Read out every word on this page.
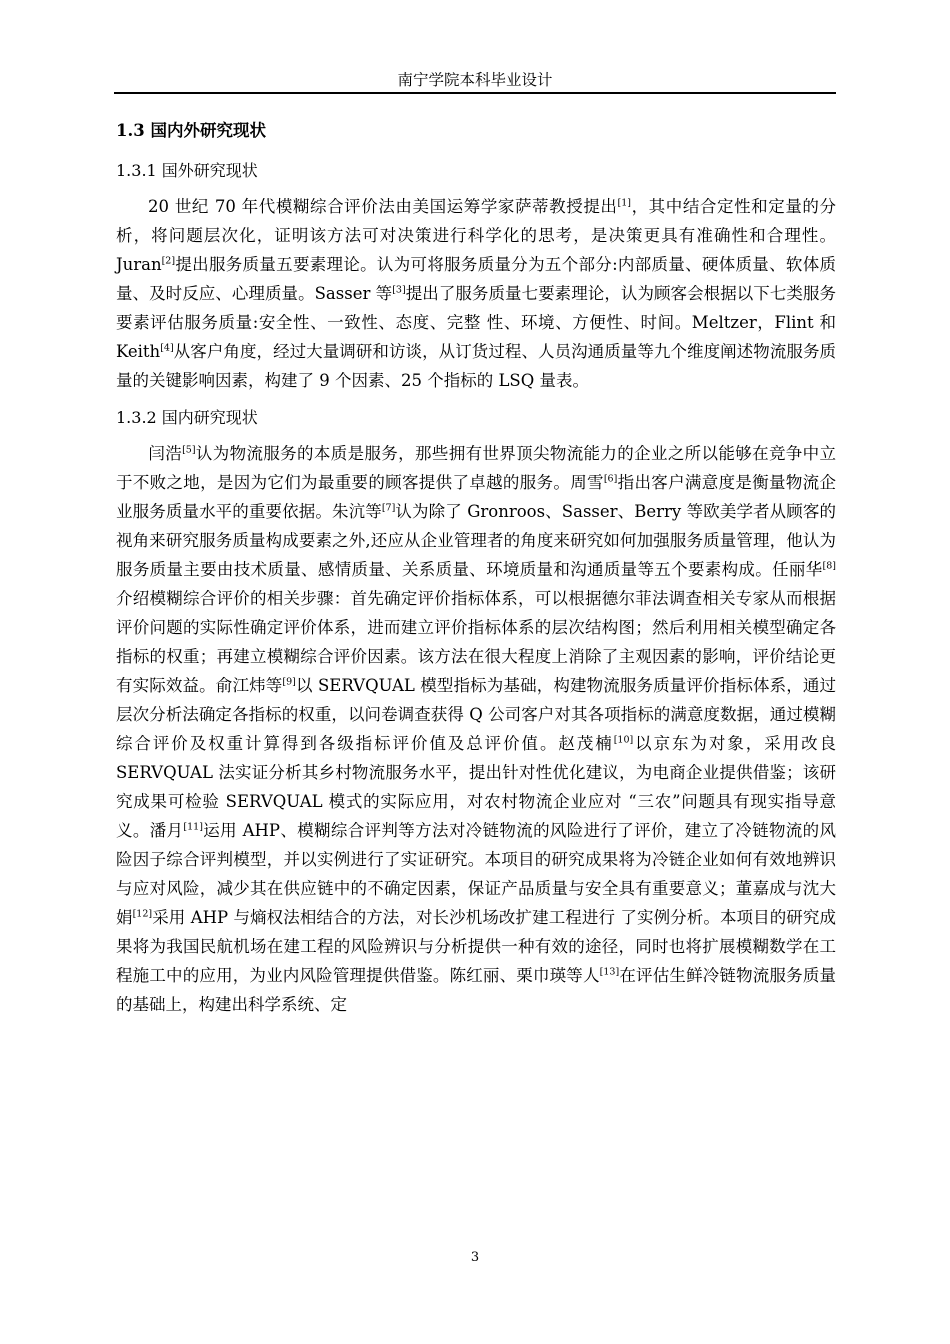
南宁学院本科毕业设计
1.3 国内外研究现状
1.3.1 国外研究现状
20 世纪 70 年代模糊综合评价法由美国运筹学家萨蒂教授提出[1]，其中结合定性和定量的分析，将问题层次化，证明该方法可对决策进行科学化的思考，是决策更具有准确性和合理性。Juran[2]提出服务质量五要素理论。认为可将服务质量分为五个部分:内部质量、硬体质量、软体质量、及时反应、心理质量。Sasser 等[3]提出了服务质量七要素理论，认为顾客会根据以下七类服务要素评估服务质量:安全性、一致性、态度、完整 性、环境、方便性、时间。Meltzer，Flint 和 Keith[4]从客户角度，经过大量调研和访谈，从订货过程、人员沟通质量等九个维度阐述物流服务质量的关键影响因素，构建了 9 个因素、25 个指标的 LSQ 量表。
1.3.2 国内研究现状
闫浩[5]认为物流服务的本质是服务，那些拥有世界顶尖物流能力的企业之所以能够在竞争中立于不败之地，是因为它们为最重要的顾客提供了卓越的服务。周雪[6]指出客户满意度是衡量物流企业服务质量水平的重要依据。朱沆等[7]认为除了 Gronroos、Sasser、Berry 等欧美学者从顾客的视角来研究服务质量构成要素之外,还应从企业管理者的角度来研究如何加强服务质量管理，他认为服务质量主要由技术质量、感情质量、关系质量、环境质量和沟通质量等五个要素构成。任丽华[8]介绍模糊综合评价的相关步骤：首先确定评价指标体系，可以根据德尔菲法调查相关专家从而根据评价问题的实际性确定评价体系，进而建立评价指标体系的层次结构图；然后利用相关模型确定各指标的权重；再建立模糊综合评价因素。该方法在很大程度上消除了主观因素的影响，评价结论更有实际效益。俞江炜等[9]以 SERVQUAL 模型指标为基础，构建物流服务质量评价指标体系，通过层次分析法确定各指标的权重，以问卷调查获得 Q 公司客户对其各项指标的满意度数据，通过模糊综合评价及权重计算得到各级指标评价值及总评价值。赵茂楠[10]以京东为对象，采用改良 SERVQUAL 法实证分析其乡村物流服务水平，提出针对性优化建议，为电商企业提供借鉴；该研究成果可检验 SERVQUAL 模式的实际应用，对农村物流企业应对 “三农”问题具有现实指导意义。潘月[11]运用 AHP、模糊综合评判等方法对冷链物流的风险进行了评价，建立了冷链物流的风险因子综合评判模型，并以实例进行了实证研究。本项目的研究成果将为冷链企业如何有效地辨识与应对风险，减少其在供应链中的不确定因素，保证产品质量与安全具有重要意义；董嘉成与沈大娟[12]采用 AHP 与熵权法相结合的方法，对长沙机场改扩建工程进行 了实例分析。本项目的研究成果将为我国民航机场在建工程的风险辨识与分析提供一种有效的途径，同时也将扩展模糊数学在工程施工中的应用，为业内风险管理提供借鉴。陈红丽、栗巾瑛等人[13]在评估生鲜冷链物流服务质量的基础上，构建出科学系统、定
3
